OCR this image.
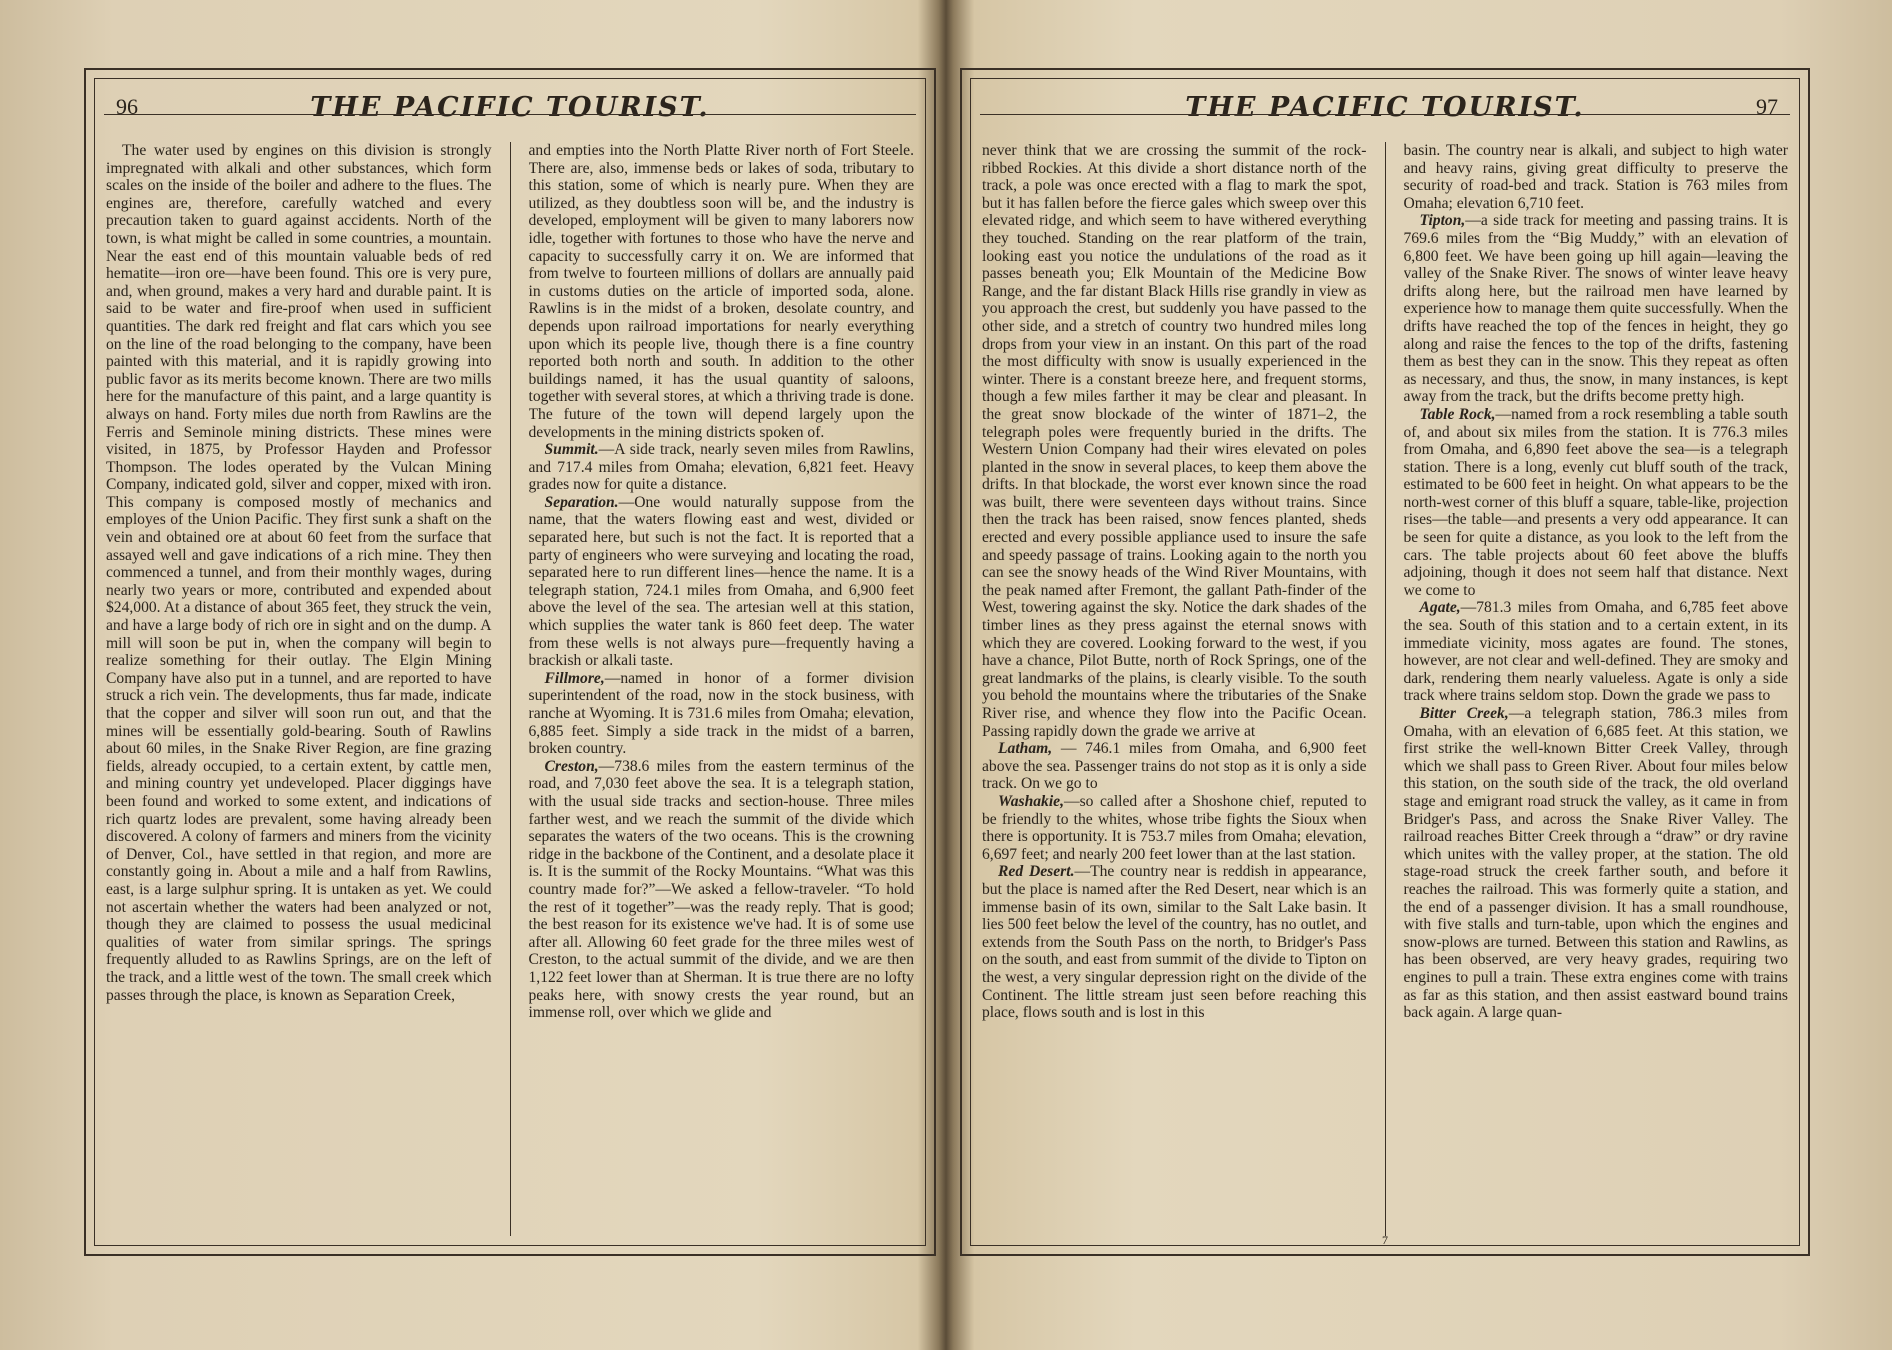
96	THE PACIFIC TOURIST.

The water used by engines on this division is strongly impregnated with alkali and other substances, which form scales on the inside of the boiler and adhere to the flues. The engines are, therefore, carefully watched and every precaution taken to guard against accidents. North of the town, is what might be called in some countries, a mountain. Near the east end of this mountain valuable beds of red hematite—iron ore—have been found. This ore is very pure, and, when ground, makes a very hard and durable paint. It is said to be water and fire-proof when used in sufficient quantities. The dark red freight and flat cars which you see on the line of the road belonging to the company, have been painted with this material, and it is rapidly growing into public favor as its merits become known. There are two mills here for the manufacture of this paint, and a large quantity is always on hand. Forty miles due north from Rawlins are the Ferris and Seminole mining districts. These mines were visited, in 1875, by Professor Hayden and Professor Thompson. The lodes operated by the Vulcan Mining Company, indicated gold, silver and copper, mixed with iron. This company is composed mostly of mechanics and employes of the Union Pacific. They first sunk a shaft on the vein and obtained ore at about 60 feet from the surface that assayed well and gave indications of a rich mine. They then commenced a tunnel, and from their monthly wages, during nearly two years or more, contributed and expended about $24,000. At a distance of about 365 feet, they struck the vein, and have a large body of rich ore in sight and on the dump. A mill will soon be put in, when the company will begin to realize something for their outlay. The Elgin Mining Company have also put in a tunnel, and are reported to have struck a rich vein. The developments, thus far made, indicate that the copper and silver will soon run out, and that the mines will be essentially gold-bearing. South of Rawlins about 60 miles, in the Snake River Region, are fine grazing fields, already occupied, to a certain extent, by cattle men, and mining country yet undeveloped. Placer diggings have been found and worked to some extent, and indications of rich quartz lodes are prevalent, some having already been discovered. A colony of farmers and miners from the vicinity of Denver, Col., have settled in that region, and more are constantly going in. About a mile and a half from Rawlins, east, is a large sulphur spring. It is untaken as yet. We could not ascertain whether the waters had been analyzed or not, though they are claimed to possess the usual medicinal qualities of water from similar springs. The springs frequently alluded to as Rawlins Springs, are on the left of the track, and a little west of the town. The small creek which passes through the place, is known as Separation Creek,

and empties into the North Platte River north of Fort Steele. There are, also, immense beds or lakes of soda, tributary to this station, some of which is nearly pure. When they are utilized, as they doubtless soon will be, and the industry is developed, employment will be given to many laborers now idle, together with fortunes to those who have the nerve and capacity to successfully carry it on. We are informed that from twelve to fourteen millions of dollars are annually paid in customs duties on the article of imported soda, alone. Rawlins is in the midst of a broken, desolate country, and depends upon railroad importations for nearly everything upon which its people live, though there is a fine country reported both north and south. In addition to the other buildings named, it has the usual quantity of saloons, together with several stores, at which a thriving trade is done. The future of the town will depend largely upon the developments in the mining districts spoken of.

Summit.—A side track, nearly seven miles from Rawlins, and 717.4 miles from Omaha; elevation, 6,821 feet. Heavy grades now for quite a distance.

Separation.—One would naturally suppose from the name, that the waters flowing east and west, divided or separated here, but such is not the fact. It is reported that a party of engineers who were surveying and locating the road, separated here to run different lines—hence the name. It is a telegraph station, 724.1 miles from Omaha, and 6,900 feet above the level of the sea. The artesian well at this station, which supplies the water tank is 860 feet deep. The water from these wells is not always pure—frequently having a brackish or alkali taste.

Fillmore,—named in honor of a former division superintendent of the road, now in the stock business, with ranche at Wyoming. It is 731.6 miles from Omaha; elevation, 6,885 feet. Simply a side track in the midst of a barren, broken country.

Creston,—738.6 miles from the eastern terminus of the road, and 7,030 feet above the sea. It is a telegraph station, with the usual side tracks and section-house. Three miles farther west, and we reach the summit of the divide which separates the waters of the two oceans. This is the crowning ridge in the backbone of the Continent, and a desolate place it is. It is the summit of the Rocky Mountains. “What was this country made for?”—We asked a fellow-traveler. “To hold the rest of it together”—was the ready reply. That is good; the best reason for its existence we've had. It is of some use after all. Allowing 60 feet grade for the three miles west of Creston, to the actual summit of the divide, and we are then 1,122 feet lower than at Sherman. It is true there are no lofty peaks here, with snowy crests the year round, but an immense roll, over which we glide and

THE PACIFIC TOURIST.	97

never think that we are crossing the summit of the rock-ribbed Rockies. At this divide a short distance north of the track, a pole was once erected with a flag to mark the spot, but it has fallen before the fierce gales which sweep over this elevated ridge, and which seem to have withered everything they touched. Standing on the rear platform of the train, looking east you notice the undulations of the road as it passes beneath you; Elk Mountain of the Medicine Bow Range, and the far distant Black Hills rise grandly in view as you approach the crest, but suddenly you have passed to the other side, and a stretch of country two hundred miles long drops from your view in an instant. On this part of the road the most difficulty with snow is usually experienced in the winter. There is a constant breeze here, and frequent storms, though a few miles farther it may be clear and pleasant. In the great snow blockade of the winter of 1871–2, the telegraph poles were frequently buried in the drifts. The Western Union Company had their wires elevated on poles planted in the snow in several places, to keep them above the drifts. In that blockade, the worst ever known since the road was built, there were seventeen days without trains. Since then the track has been raised, snow fences planted, sheds erected and every possible appliance used to insure the safe and speedy passage of trains. Looking again to the north you can see the snowy heads of the Wind River Mountains, with the peak named after Fremont, the gallant Path-finder of the West, towering against the sky. Notice the dark shades of the timber lines as they press against the eternal snows with which they are covered. Looking forward to the west, if you have a chance, Pilot Butte, north of Rock Springs, one of the great landmarks of the plains, is clearly visible. To the south you behold the mountains where the tributaries of the Snake River rise, and whence they flow into the Pacific Ocean. Passing rapidly down the grade we arrive at

Latham, — 746.1 miles from Omaha, and 6,900 feet above the sea. Passenger trains do not stop as it is only a side track. On we go to

Washakie,—so called after a Shoshone chief, reputed to be friendly to the whites, whose tribe fights the Sioux when there is opportunity. It is 753.7 miles from Omaha; elevation, 6,697 feet; and nearly 200 feet lower than at the last station.

Red Desert.—The country near is reddish in appearance, but the place is named after the Red Desert, near which is an immense basin of its own, similar to the Salt Lake basin. It lies 500 feet below the level of the country, has no outlet, and extends from the South Pass on the north, to Bridger's Pass on the south, and east from summit of the divide to Tipton on the west, a very singular depression right on the divide of the Continent. The little stream just seen before reaching this place, flows south and is lost in this

basin. The country near is alkali, and subject to high water and heavy rains, giving great difficulty to preserve the security of road-bed and track. Station is 763 miles from Omaha; elevation 6,710 feet.

Tipton,—a side track for meeting and passing trains. It is 769.6 miles from the “Big Muddy,” with an elevation of 6,800 feet. We have been going up hill again—leaving the valley of the Snake River. The snows of winter leave heavy drifts along here, but the railroad men have learned by experience how to manage them quite successfully. When the drifts have reached the top of the fences in height, they go along and raise the fences to the top of the drifts, fastening them as best they can in the snow. This they repeat as often as necessary, and thus, the snow, in many instances, is kept away from the track, but the drifts become pretty high.

Table Rock,—named from a rock resembling a table south of, and about six miles from the station. It is 776.3 miles from Omaha, and 6,890 feet above the sea—is a telegraph station. There is a long, evenly cut bluff south of the track, estimated to be 600 feet in height. On what appears to be the north-west corner of this bluff a square, table-like, projection rises—the table—and presents a very odd appearance. It can be seen for quite a distance, as you look to the left from the cars. The table projects about 60 feet above the bluffs adjoining, though it does not seem half that distance. Next we come to

Agate,—781.3 miles from Omaha, and 6,785 feet above the sea. South of this station and to a certain extent, in its immediate vicinity, moss agates are found. The stones, however, are not clear and well-defined. They are smoky and dark, rendering them nearly valueless. Agate is only a side track where trains seldom stop. Down the grade we pass to

Bitter Creek,—a telegraph station, 786.3 miles from Omaha, with an elevation of 6,685 feet. At this station, we first strike the well-known Bitter Creek Valley, through which we shall pass to Green River. About four miles below this station, on the south side of the track, the old overland stage and emigrant road struck the valley, as it came in from Bridger's Pass, and across the Snake River Valley. The railroad reaches Bitter Creek through a “draw” or dry ravine which unites with the valley proper, at the station. The old stage-road struck the creek farther south, and before it reaches the railroad. This was formerly quite a station, and the end of a passenger division. It has a small roundhouse, with five stalls and turn-table, upon which the engines and snow-plows are turned. Between this station and Rawlins, as has been observed, are very heavy grades, requiring two engines to pull a train. These extra engines come with trains as far as this station, and then assist eastward bound trains back again. A large quan-

7
